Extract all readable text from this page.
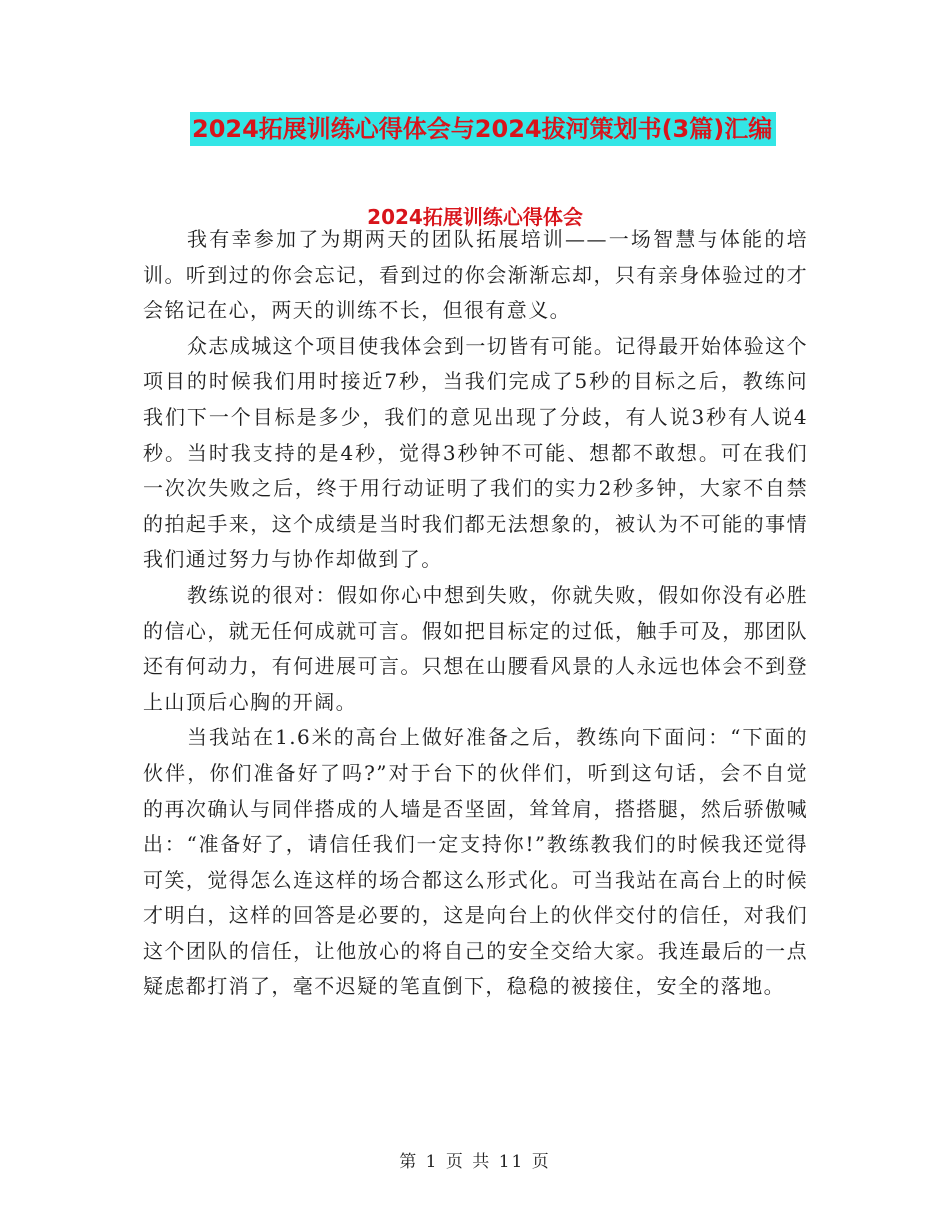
2024拓展训练心得体会与2024拔河策划书(3篇)汇编
2024拓展训练心得体会

我有幸参加了为期两天的团队拓展培训——一场智慧与体能的培训。听到过的你会忘记，看到过的你会渐渐忘却，只有亲身体验过的才会铭记在心，两天的训练不长，但很有意义。

众志成城这个项目使我体会到一切皆有可能。记得最开始体验这个项目的时候我们用时接近7秒，当我们完成了5秒的目标之后，教练问我们下一个目标是多少，我们的意见出现了分歧，有人说3秒有人说4秒。当时我支持的是4秒，觉得3秒钟不可能、想都不敢想。可在我们一次次失败之后，终于用行动证明了我们的实力2秒多钟，大家不自禁的拍起手来，这个成绩是当时我们都无法想象的，被认为不可能的事情我们通过努力与协作却做到了。

教练说的很对：假如你心中想到失败，你就失败，假如你没有必胜的信心，就无任何成就可言。假如把目标定的过低，触手可及，那团队还有何动力，有何进展可言。只想在山腰看风景的人永远也体会不到登上山顶后心胸的开阔。

当我站在1.6米的高台上做好准备之后，教练向下面问：“下面的伙伴，你们准备好了吗?”对于台下的伙伴们，听到这句话，会不自觉的再次确认与同伴搭成的人墙是否坚固，耸耸肩，搭搭腿，然后骄傲喊出：“准备好了，请信任我们一定支持你!”教练教我们的时候我还觉得可笑，觉得怎么连这样的场合都这么形式化。可当我站在高台上的时候才明白，这样的回答是必要的，这是向台上的伙伴交付的信任，对我们这个团队的信任，让他放心的将自己的安全交给大家。我连最后的一点疑虑都打消了，毫不迟疑的笔直倒下，稳稳的被接住，安全的落地。

第 1 页 共 11 页
